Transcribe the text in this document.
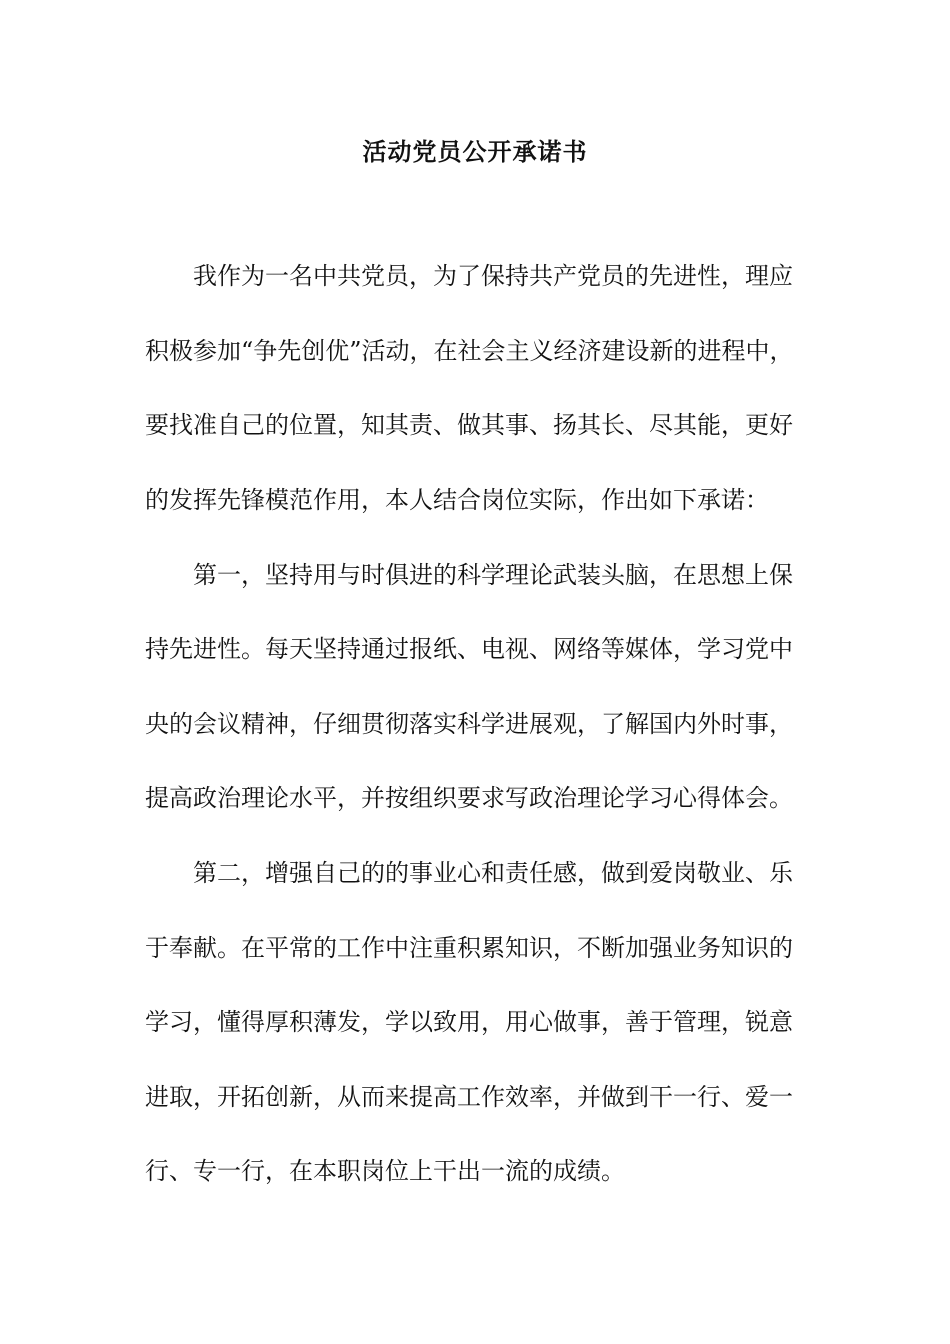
活动党员公开承诺书
我作为一名中共党员，为了保持共产党员的先进性，理应
积极参加“争先创优”活动，在社会主义经济建设新的进程中，
要找准自己的位置，知其责、做其事、扬其长、尽其能，更好
的发挥先锋模范作用，本人结合岗位实际，作出如下承诺：
第一，坚持用与时俱进的科学理论武装头脑，在思想上保
持先进性。每天坚持通过报纸、电视、网络等媒体，学习党中
央的会议精神，仔细贯彻落实科学进展观，了解国内外时事，
提高政治理论水平，并按组织要求写政治理论学习心得体会。
第二，增强自己的的事业心和责任感，做到爱岗敬业、乐
于奉献。在平常的工作中注重积累知识，不断加强业务知识的
学习，懂得厚积薄发，学以致用，用心做事，善于管理，锐意
进取，开拓创新，从而来提高工作效率，并做到干一行、爱一
行、专一行，在本职岗位上干出一流的成绩。
